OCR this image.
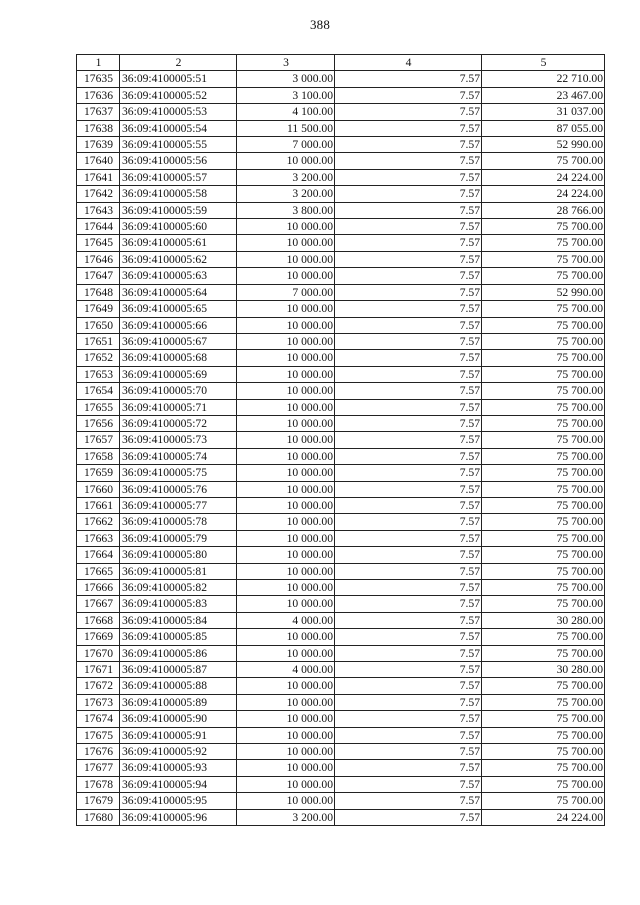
388
1	2	3	4	5
17635	36:09:4100005:51	3 000.00	7.57	22 710.00
17636	36:09:4100005:52	3 100.00	7.57	23 467.00
17637	36:09:4100005:53	4 100.00	7.57	31 037.00
17638	36:09:4100005:54	11 500.00	7.57	87 055.00
17639	36:09:4100005:55	7 000.00	7.57	52 990.00
17640	36:09:4100005:56	10 000.00	7.57	75 700.00
17641	36:09:4100005:57	3 200.00	7.57	24 224.00
17642	36:09:4100005:58	3 200.00	7.57	24 224.00
17643	36:09:4100005:59	3 800.00	7.57	28 766.00
17644	36:09:4100005:60	10 000.00	7.57	75 700.00
17645	36:09:4100005:61	10 000.00	7.57	75 700.00
17646	36:09:4100005:62	10 000.00	7.57	75 700.00
17647	36:09:4100005:63	10 000.00	7.57	75 700.00
17648	36:09:4100005:64	7 000.00	7.57	52 990.00
17649	36:09:4100005:65	10 000.00	7.57	75 700.00
17650	36:09:4100005:66	10 000.00	7.57	75 700.00
17651	36:09:4100005:67	10 000.00	7.57	75 700.00
17652	36:09:4100005:68	10 000.00	7.57	75 700.00
17653	36:09:4100005:69	10 000.00	7.57	75 700.00
17654	36:09:4100005:70	10 000.00	7.57	75 700.00
17655	36:09:4100005:71	10 000.00	7.57	75 700.00
17656	36:09:4100005:72	10 000.00	7.57	75 700.00
17657	36:09:4100005:73	10 000.00	7.57	75 700.00
17658	36:09:4100005:74	10 000.00	7.57	75 700.00
17659	36:09:4100005:75	10 000.00	7.57	75 700.00
17660	36:09:4100005:76	10 000.00	7.57	75 700.00
17661	36:09:4100005:77	10 000.00	7.57	75 700.00
17662	36:09:4100005:78	10 000.00	7.57	75 700.00
17663	36:09:4100005:79	10 000.00	7.57	75 700.00
17664	36:09:4100005:80	10 000.00	7.57	75 700.00
17665	36:09:4100005:81	10 000.00	7.57	75 700.00
17666	36:09:4100005:82	10 000.00	7.57	75 700.00
17667	36:09:4100005:83	10 000.00	7.57	75 700.00
17668	36:09:4100005:84	4 000.00	7.57	30 280.00
17669	36:09:4100005:85	10 000.00	7.57	75 700.00
17670	36:09:4100005:86	10 000.00	7.57	75 700.00
17671	36:09:4100005:87	4 000.00	7.57	30 280.00
17672	36:09:4100005:88	10 000.00	7.57	75 700.00
17673	36:09:4100005:89	10 000.00	7.57	75 700.00
17674	36:09:4100005:90	10 000.00	7.57	75 700.00
17675	36:09:4100005:91	10 000.00	7.57	75 700.00
17676	36:09:4100005:92	10 000.00	7.57	75 700.00
17677	36:09:4100005:93	10 000.00	7.57	75 700.00
17678	36:09:4100005:94	10 000.00	7.57	75 700.00
17679	36:09:4100005:95	10 000.00	7.57	75 700.00
17680	36:09:4100005:96	3 200.00	7.57	24 224.00
